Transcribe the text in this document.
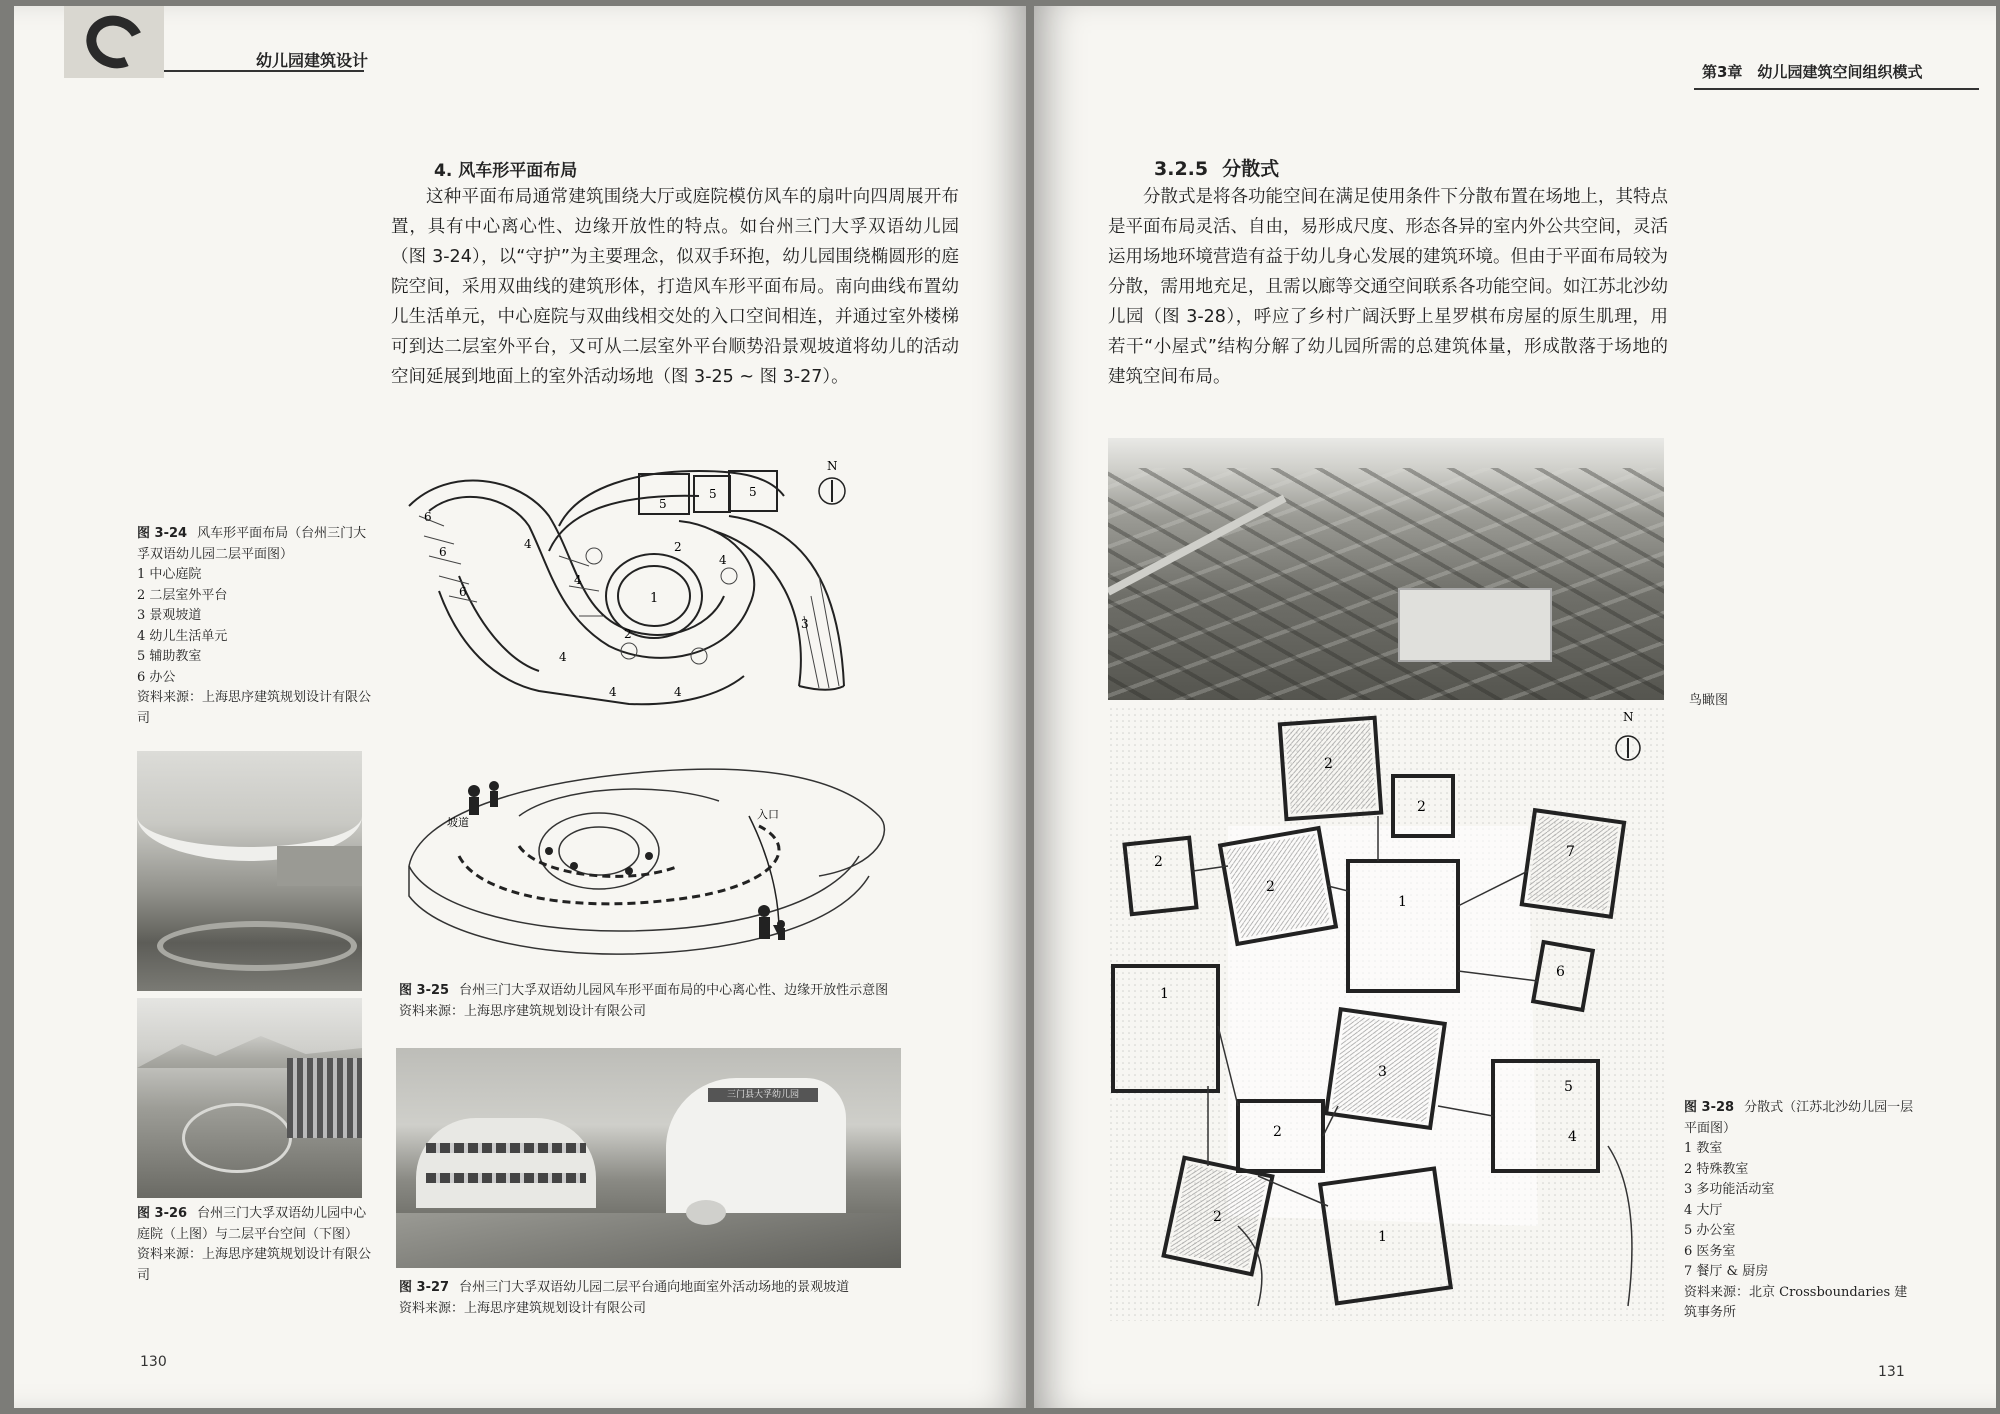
幼儿园建筑设计
4. 风车形平面布局

这种平面布局通常建筑围绕大厅或庭院模仿风车的扇叶向四周展开布置，具有中心离心性、边缘开放性的特点。如台州三门大孚双语幼儿园（图 3-24），以“守护”为主要理念，似双手环抱，幼儿园围绕椭圆形的庭院空间，采用双曲线的建筑形体，打造风车形平面布局。南向曲线布置幼儿生活单元，中心庭院与双曲线相交处的入口空间相连，并通过室外楼梯可到达二层室外平台，又可从二层室外平台顺势沿景观坡道将幼儿的活动空间延展到地面上的室外活动场地（图 3-25 ~ 图 3-27）。

图 3-24 风车形平面布局（台州三门大孚双语幼儿园二层平面图）
1 中心庭院
2 二层室外平台
3 景观坡道
4 幼儿生活单元
5 辅助教室
6 办公
资料来源：上海思序建筑规划设计有限公司
1
2
2
3
4
4
4
4	4
4
5
5	5
6
6
6
N
图 3-26 台州三门大孚双语幼儿园中心庭院（上图）与二层平台空间（下图）
资料来源：上海思序建筑规划设计有限公司
坡道
入口
图 3-25 台州三门大孚双语幼儿园风车形平面布局的中心离心性、边缘开放性示意图
资料来源：上海思序建筑规划设计有限公司
三门县大孚幼儿园
图 3-27 台州三门大孚双语幼儿园二层平台通向地面室外活动场地的景观坡道
资料来源：上海思序建筑规划设计有限公司
130
第3章　幼儿园建筑空间组织模式
3.2.5 分散式

分散式是将各功能空间在满足使用条件下分散布置在场地上，其特点是平面布局灵活、自由，易形成尺度、形态各异的室内外公共空间，灵活运用场地环境营造有益于幼儿身心发展的建筑环境。但由于平面布局较为分散，需用地充足，且需以廊等交通空间联系各功能空间。如江苏北沙幼儿园（图 3-28），呼应了乡村广阔沃野上星罗棋布房屋的原生肌理，用若干“小屋式”结构分解了幼儿园所需的总建筑体量，形成散落于场地的建筑空间布局。

鸟瞰图
N
2
2
2
2
7
1
1
6
3
2
5
4
2
1
图 3-28 分散式（江苏北沙幼儿园一层平面图）
1 教室
2 特殊教室
3 多功能活动室
4 大厅
5 办公室
6 医务室
7 餐厅 & 厨房
资料来源：北京 Crossboundaries 建筑事务所
131
